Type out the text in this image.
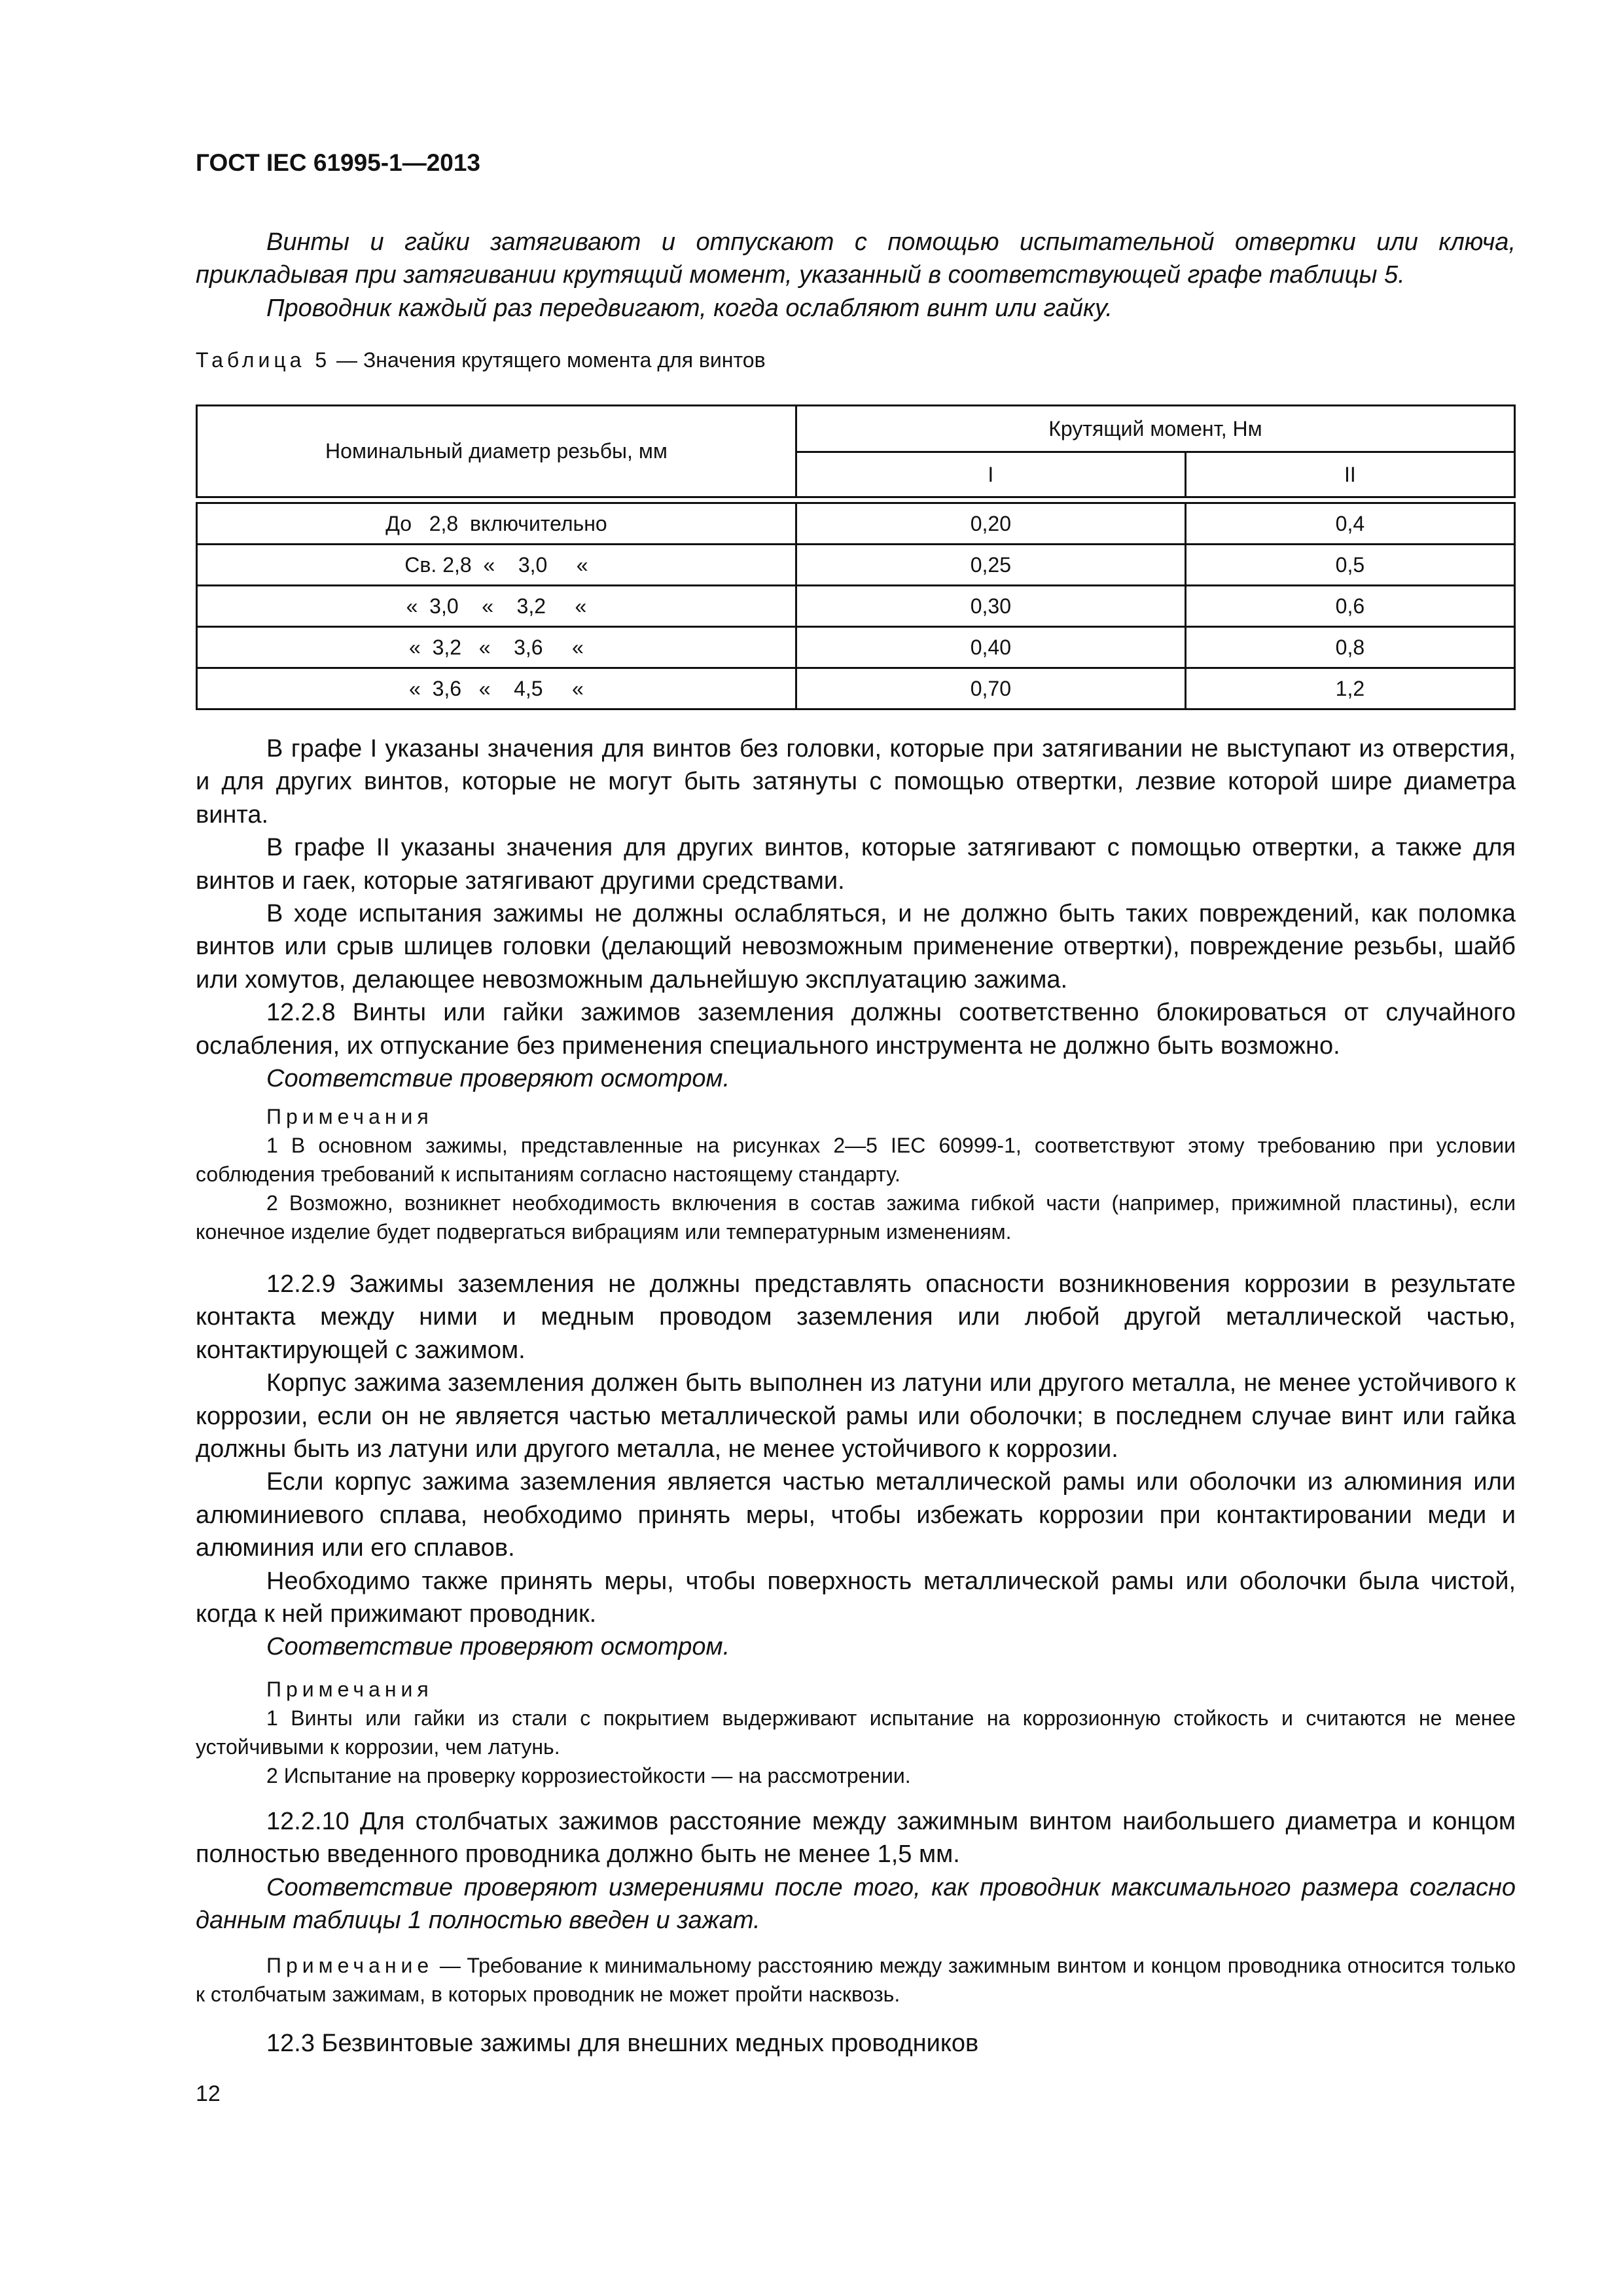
ГОСТ IEC 61995-1—2013

Винты и гайки затягивают и отпускают с помощью испытательной отвертки или ключа, прикладывая при затягивании крутящий момент, указанный в соответствующей графе таблицы 5.

Проводник каждый раз передвигают, когда ослабляют винт или гайку.

Таблица 5 — Значения крутящего момента для винтов
Номинальный диаметр резьбы, мм	Крутящий момент, Нм	
	I	II

До   2,8  включительно	0,20	0,4
Св. 2,8  «    3,0     «	0,25	0,5
«  3,0    «    3,2     «	0,30	0,6
«  3,2   «    3,6     «	0,40	0,8
«  3,6   «    4,5     «	0,70	1,2

В графе I указаны значения для винтов без головки, которые при затягивании не выступают из отверстия, и для других винтов, которые не могут быть затянуты с помощью отвертки, лезвие которой шире диаметра винта.

В графе II указаны значения для других винтов, которые затягивают с помощью отвертки, а также для винтов и гаек, которые затягивают другими средствами.

В ходе испытания зажимы не должны ослабляться, и не должно быть таких повреждений, как поломка винтов или срыв шлицев головки (делающий невозможным применение отвертки), повреждение резьбы, шайб или хомутов, делающее невозможным дальнейшую эксплуатацию зажима.

12.2.8 Винты или гайки зажимов заземления должны соответственно блокироваться от случайного ослабления, их отпускание без применения специального инструмента не должно быть возможно.

Соответствие проверяют осмотром.

Примечания

1 В основном зажимы, представленные на рисунках 2—5 IEC 60999-1, соответствуют этому требованию при условии соблюдения требований к испытаниям согласно настоящему стандарту.

2 Возможно, возникнет необходимость включения в состав зажима гибкой части (например, прижимной пластины), если конечное изделие будет подвергаться вибрациям или температурным изменениям.

12.2.9 Зажимы заземления не должны представлять опасности возникновения коррозии в результате контакта между ними и медным проводом заземления или любой другой металлической частью, контактирующей с зажимом.

Корпус зажима заземления должен быть выполнен из латуни или другого металла, не менее устойчивого к коррозии, если он не является частью металлической рамы или оболочки; в последнем случае винт или гайка должны быть из латуни или другого металла, не менее устойчивого к коррозии.

Если корпус зажима заземления является частью металлической рамы или оболочки из алюминия или алюминиевого сплава, необходимо принять меры, чтобы избежать коррозии при контактировании меди и алюминия или его сплавов.

Необходимо также принять меры, чтобы поверхность металлической рамы или оболочки была чистой, когда к ней прижимают проводник.

Соответствие проверяют осмотром.

Примечания

1 Винты или гайки из стали с покрытием выдерживают испытание на коррозионную стойкость и считаются не менее устойчивыми к коррозии, чем латунь.

2 Испытание на проверку коррозиестойкости — на рассмотрении.

12.2.10 Для столбчатых зажимов расстояние между зажимным винтом наибольшего диаметра и концом полностью введенного проводника должно быть не менее 1,5 мм.

Соответствие проверяют измерениями после того, как проводник максимального размера согласно данным таблицы 1 полностью введен и зажат.

Примечание — Требование к минимальному расстоянию между зажимным винтом и концом проводника относится только к столбчатым зажимам, в которых проводник не может пройти насквозь.

12.3 Безвинтовые зажимы для внешних медных проводников

12
